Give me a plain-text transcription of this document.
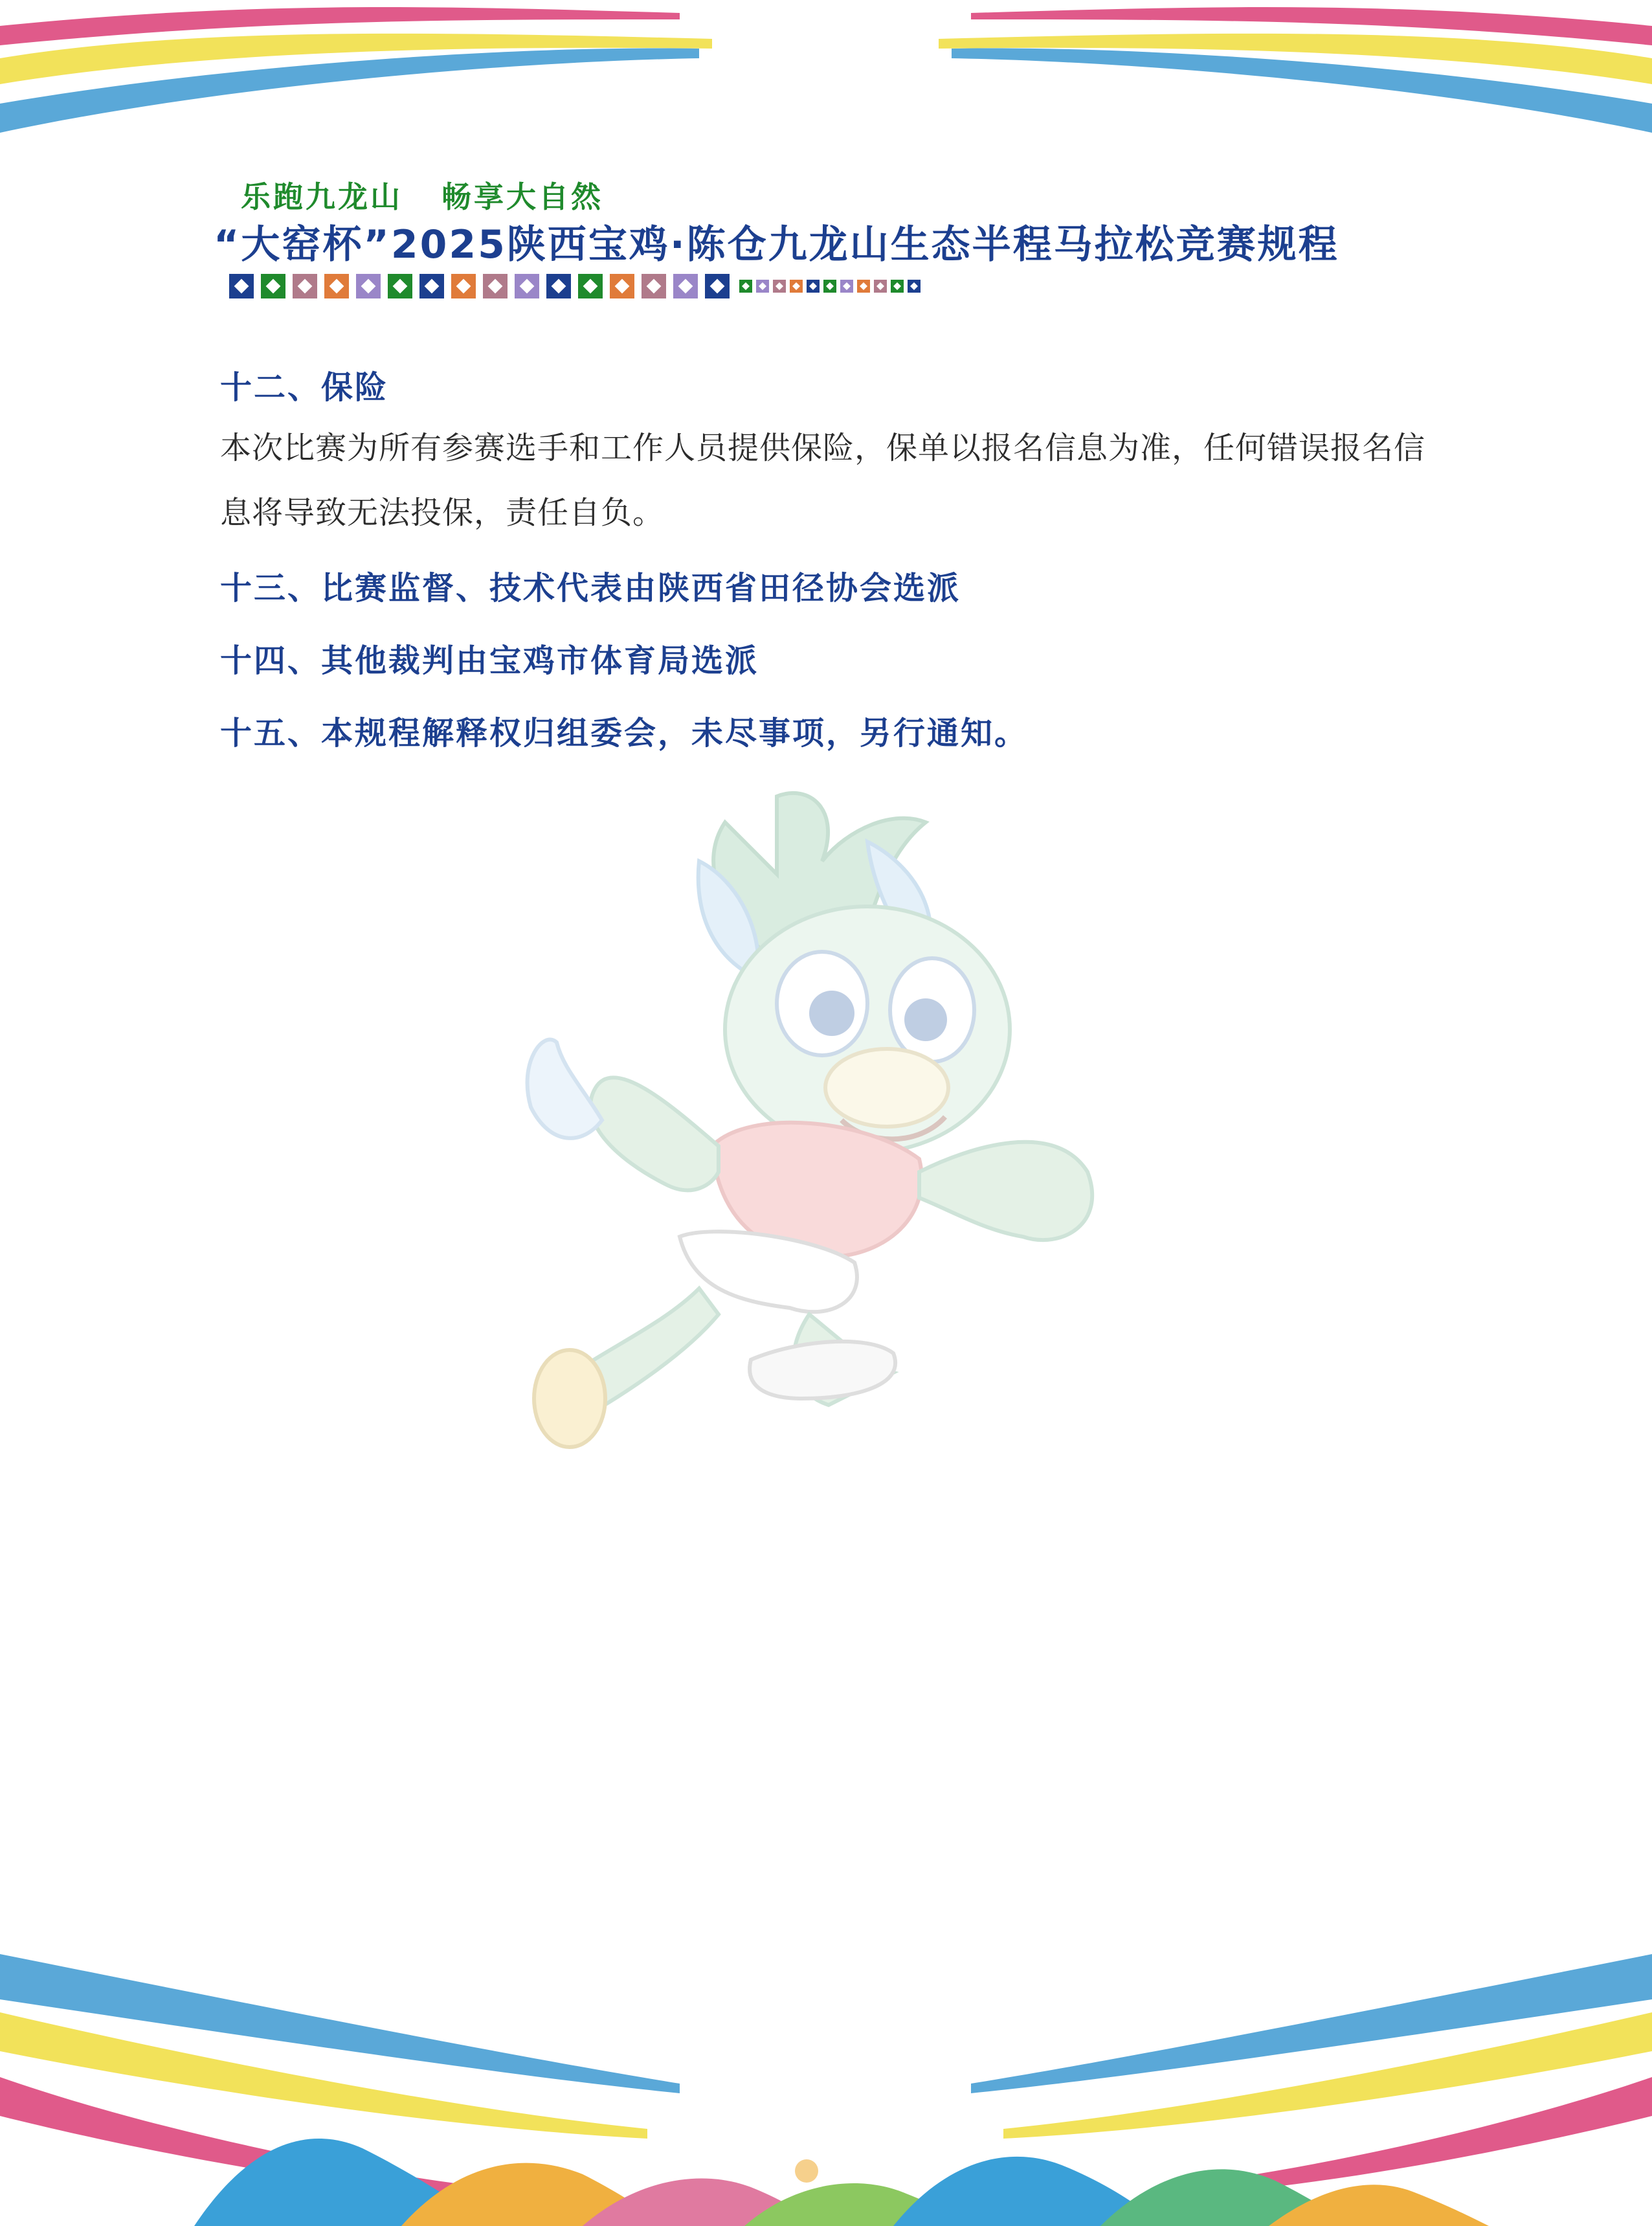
乐跑九龙山   畅享大自然
“大窑杯”2025陕西宝鸡·陈仓九龙山生态半程马拉松竞赛规程
十二、保险

本次比赛为所有参赛选手和工作人员提供保险，保单以报名信息为准，任何错误报名信息将导致无法投保，责任自负。

十三、比赛监督、技术代表由陕西省田径协会选派
十四、其他裁判由宝鸡市体育局选派
十五、本规程解释权归组委会，未尽事项，另行通知。
